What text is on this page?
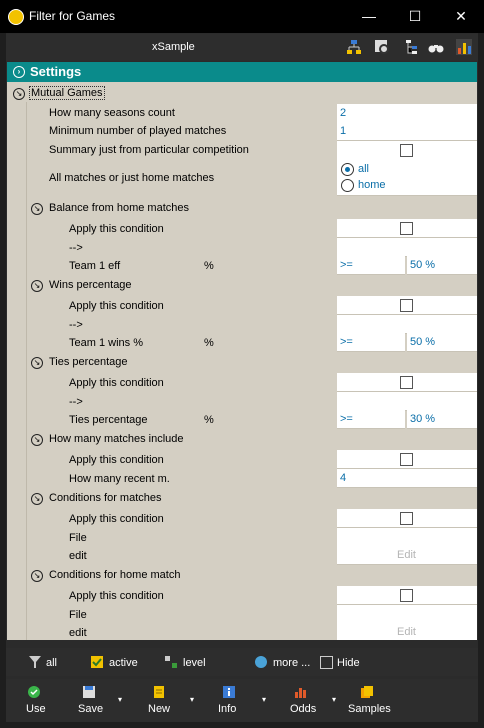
Filter for Games	—	☐	✕
xSample
› Settings
↘ Mutual Games
How many seasons count	2
Minimum number of played matches	1
Summary just from particular competition
All matches or just home matches
all
home
↘ Balance from home matches
Apply this condition
-->
Team 1 eff	%	>=	50 %
↘ Wins percentage
Apply this condition
-->
Team 1 wins %	%	>=	50 %
↘ Ties percentage
Apply this condition
-->
Ties percentage	%	>=	30 %
↘ How many matches include
Apply this condition
How many recent m.	4
↘ Conditions for matches
Apply this condition
File
edit	Edit
↘ Conditions for home match
Apply this condition
File
edit	Edit
all	active	level	more ... Hide
Use	Save
▾
New
▾
Info
▾
Odds
▾
Samples
